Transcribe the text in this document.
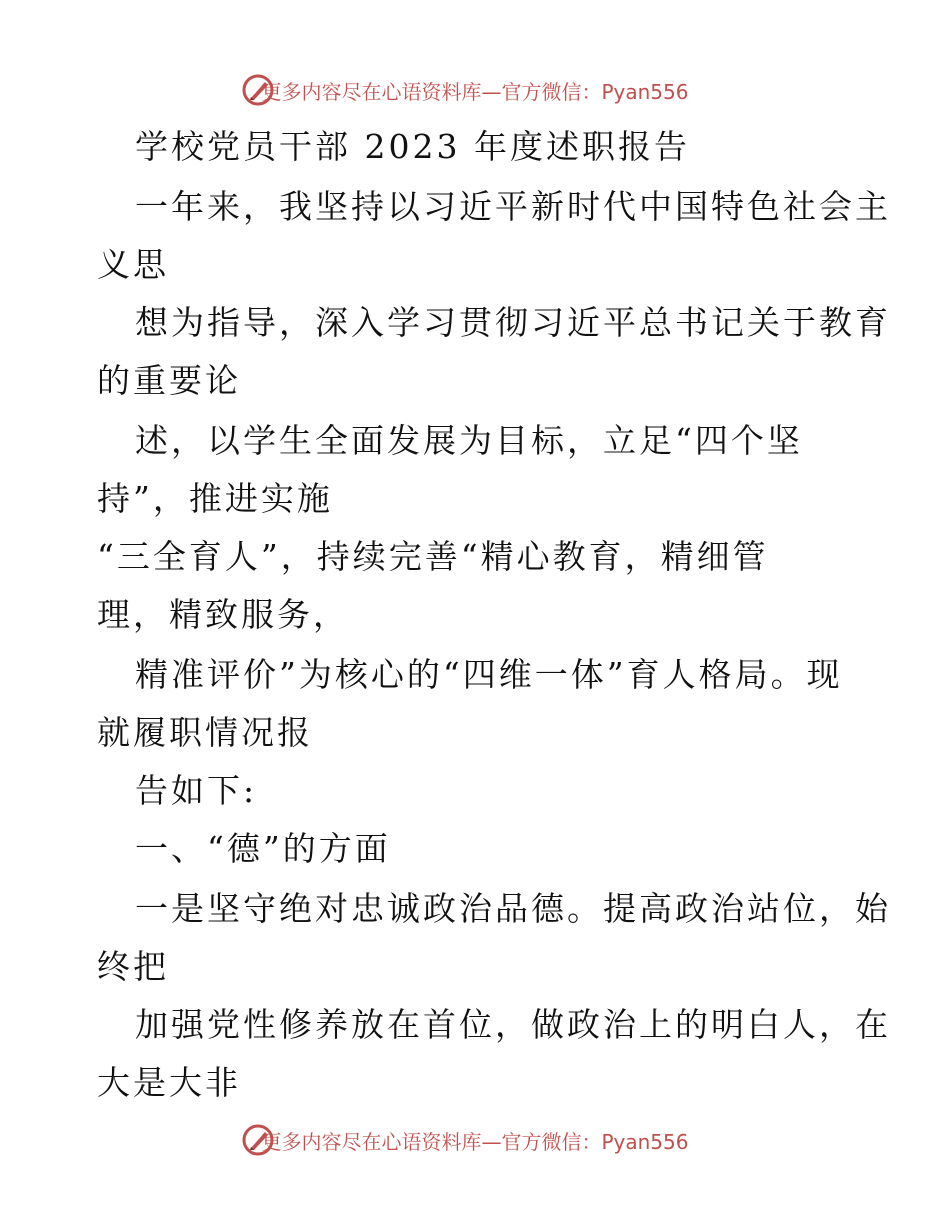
更多内容尽在心语资料库—官方微信：Pyan556
学校党员干部 2023 年度述职报告
一年来，我坚持以习近平新时代中国特色社会主
义思
想为指导，深入学习贯彻习近平总书记关于教育
的重要论
述，以学生全面发展为目标，立足“四个坚
持”，推进实施
“三全育人”，持续完善“精心教育，精细管
理，精致服务，
精准评价”为核心的“四维一体”育人格局。现
就履职情况报
告如下:
一、“德”的方面
一是坚守绝对忠诚政治品德。提高政治站位，始
终把
加强党性修养放在首位，做政治上的明白人，在
大是大非
更多内容尽在心语资料库—官方微信：Pyan556
